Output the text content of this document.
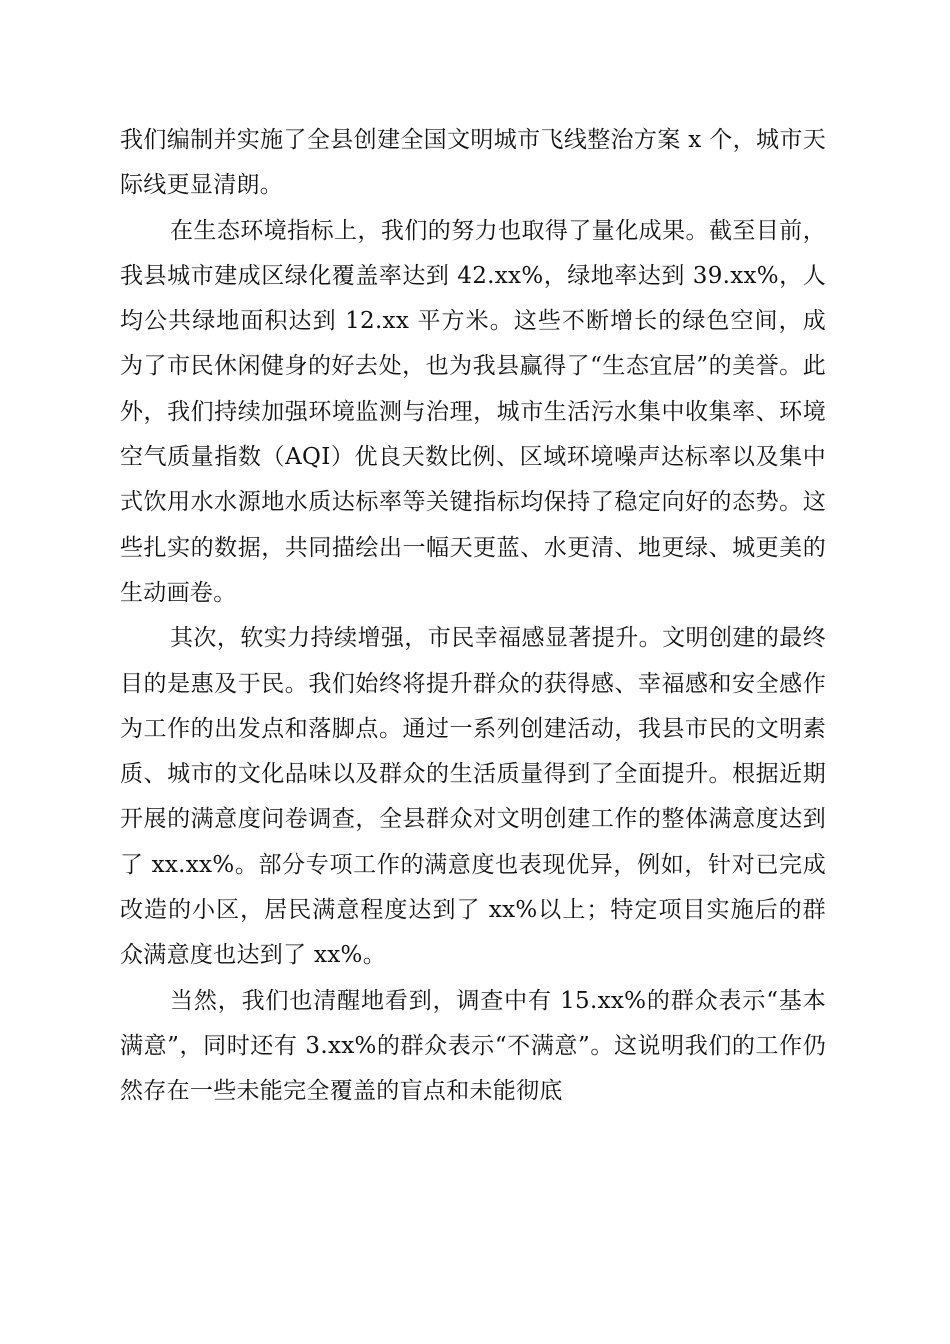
我们编制并实施了全县创建全国文明城市飞线整治方案 x 个，城市天际线更显清朗。

在生态环境指标上，我们的努力也取得了量化成果。截至目前，我县城市建成区绿化覆盖率达到 42.xx%，绿地率达到 39.xx%，人均公共绿地面积达到 12.xx 平方米。这些不断增长的绿色空间，成为了市民休闲健身的好去处，也为我县赢得了“生态宜居”的美誉。此外，我们持续加强环境监测与治理，城市生活污水集中收集率、环境空气质量指数（AQI）优良天数比例、区域环境噪声达标率以及集中式饮用水水源地水质达标率等关键指标均保持了稳定向好的态势。这些扎实的数据，共同描绘出一幅天更蓝、水更清、地更绿、城更美的生动画卷。

其次，软实力持续增强，市民幸福感显著提升。文明创建的最终目的是惠及于民。我们始终将提升群众的获得感、幸福感和安全感作为工作的出发点和落脚点。通过一系列创建活动，我县市民的文明素质、城市的文化品味以及群众的生活质量得到了全面提升。根据近期开展的满意度问卷调查，全县群众对文明创建工作的整体满意度达到了 xx.xx%。部分专项工作的满意度也表现优异，例如，针对已完成改造的小区，居民满意程度达到了 xx%以上；特定项目实施后的群众满意度也达到了 xx%。

当然，我们也清醒地看到，调查中有 15.xx%的群众表示“基本满意”，同时还有 3.xx%的群众表示“不满意”。这说明我们的工作仍然存在一些未能完全覆盖的盲点和未能彻底
